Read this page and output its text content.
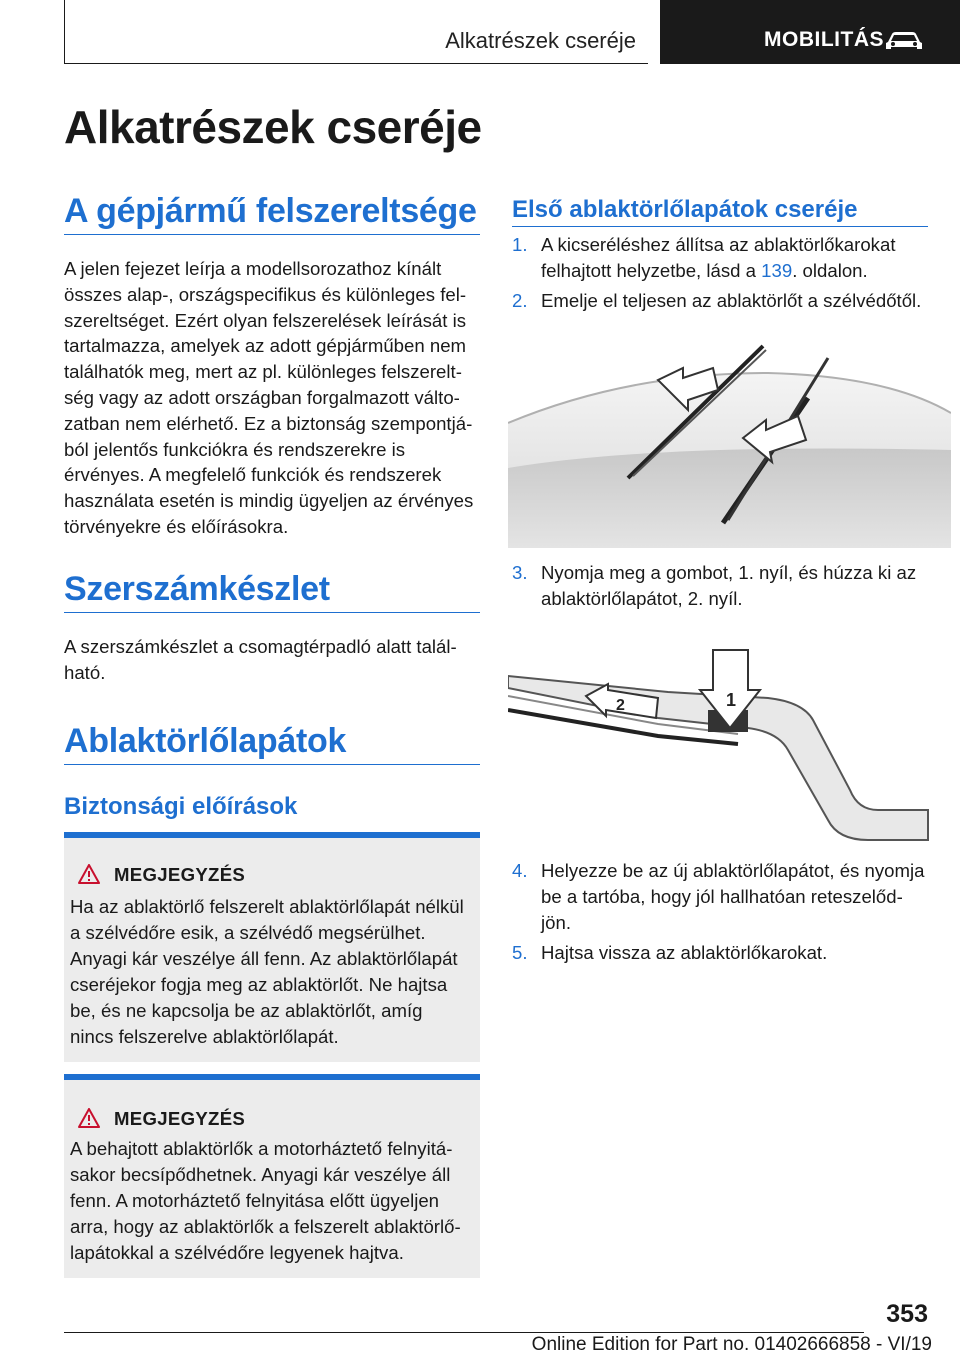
Alkatrészek cseréje	MOBILITÁS
Alkatrészek cseréje
A gépjármű felszereltsége
A jelen fejezet leírja a modellsorozathoz kínált
összes alap-, országspecifikus és különleges fel-
szereltséget. Ezért olyan felszerelések leírását is
tartalmazza, amelyek az adott gépjárműben nem
találhatók meg, mert az pl. különleges felszerelt-
ség vagy az adott országban forgalmazott válto-
zatban nem elérhető. Ez a biztonság szempontjá-
ból jelentős funkciókra és rendszerekre is
érvényes. A megfelelő funkciók és rendszerek
használata esetén is mindig ügyeljen az érvényes
törvényekre és előírásokra.
Szerszámkészlet
A szerszámkészlet a csomagtérpadló alatt talál-
ható.
Ablaktörlőlapátok
Biztonsági előírások
MEGJEGYZÉS
Ha az ablaktörlő felszerelt ablaktörlőlapát nélkül
a szélvédőre esik, a szélvédő megsérülhet.
Anyagi kár veszélye áll fenn. Az ablaktörlőlapát
cseréjekor fogja meg az ablaktörlőt. Ne hajtsa
be, és ne kapcsolja be az ablaktörlőt, amíg
nincs felszerelve ablaktörlőlapát.
MEGJEGYZÉS
A behajtott ablaktörlők a motorháztető felnyitá-
sakor becsípődhetnek. Anyagi kár veszélye áll
fenn. A motorháztető felnyitása előtt ügyeljen
arra, hogy az ablaktörlők a felszerelt ablaktörlő-
lapátokkal a szélvédőre legyenek hajtva.
Első ablaktörlőlapátok cseréje
1. A kicseréléshez állítsa az ablaktörlőkarokat
felhajtott helyzetbe, lásd a 139. oldalon.
2. Emelje el teljesen az ablaktörlőt a szélvédőtől.
3. Nyomja meg a gombot, 1. nyíl, és húzza ki az
ablaktörlőlapátot, 2. nyíl.
2	1
4. Helyezze be az új ablaktörlőlapátot, és nyomja
be a tartóba, hogy jól hallhatóan reteszelőd-
jön.
5. Hajtsa vissza az ablaktörlőkarokat.
353
Online Edition for Part no. 01402666858 - VI/19
